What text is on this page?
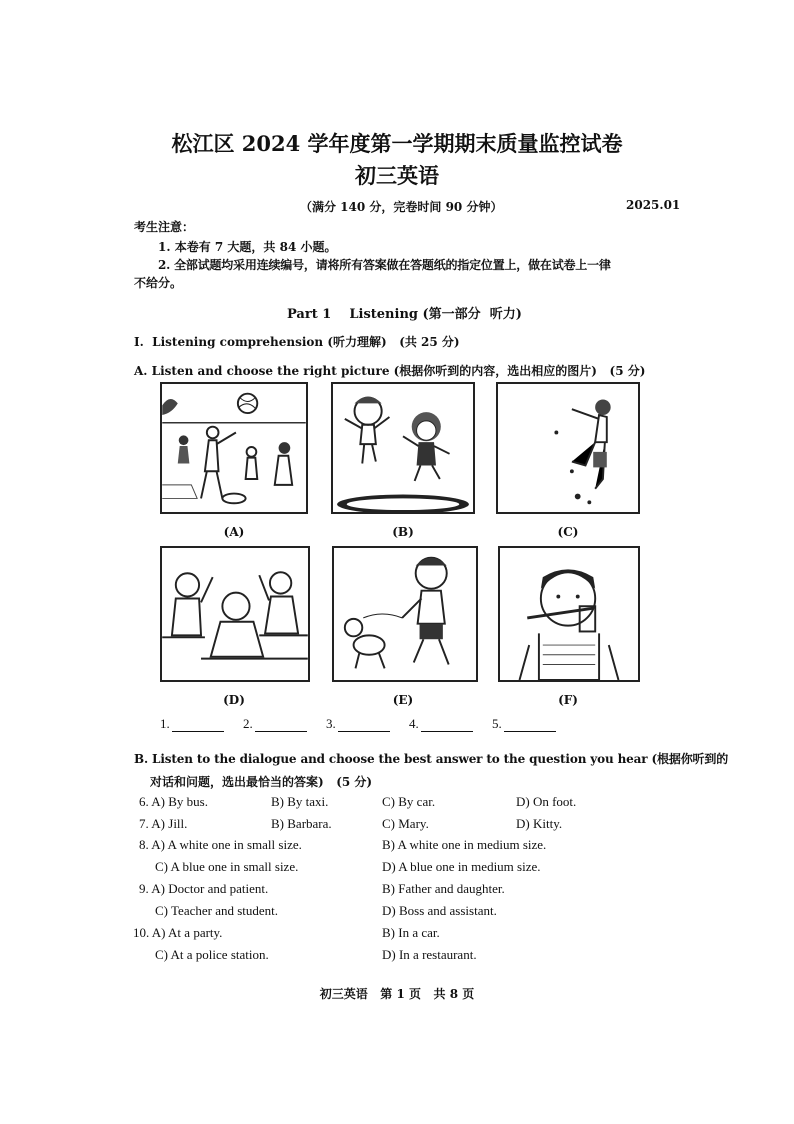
松江区 2024 学年度第一学期期末质量监控试卷
初三英语
（满分 140 分，完卷时间 90 分钟）	2025.01
考生注意：
1. 本卷有 7 大题，共 84 小题。
2. 全部试题均采用连续编号，请将所有答案做在答题纸的指定位置上，做在试卷上一律
不给分。
Part 1    Listening (第一部分  听力)
I.  Listening comprehension (听力理解)   (共 25 分)
A. Listen and choose the right picture (根据你听到的内容，选出相应的图片)   (5 分)
(A)	(B)	(C)
(D)	(E)	(F)
1.	2.	3.	4.	5.
B. Listen to the dialogue and choose the best answer to the question you hear (根据你听到的
对话和问题，选出最恰当的答案)   (5 分)
6. A) By bus.	B) By taxi.	C) By car.	D) On foot.
7. A) Jill.	B) Barbara.	C) Mary.	D) Kitty.
8. A) A white one in small size.	B) A white one in medium size.
C) A blue one in small size.	D) A blue one in medium size.
9. A) Doctor and patient.	B) Father and daughter.
C) Teacher and student.	D) Boss and assistant.
10. A) At a party.	B) In a car.
C) At a police station.	D) In a restaurant.
初三英语   第 1 页   共 8 页
